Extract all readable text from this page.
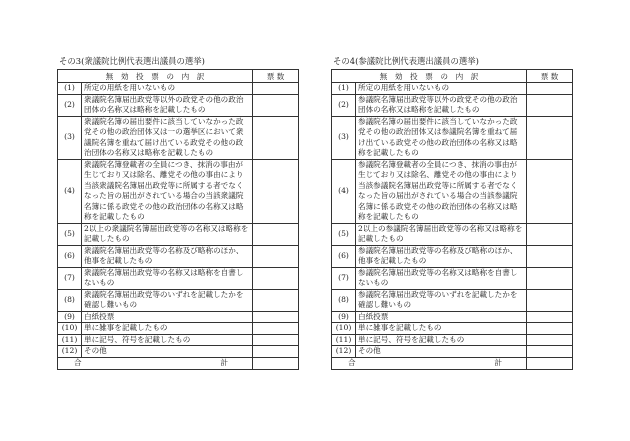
その3(衆議院比例代表選出議員の選挙)
無　効　投　票　の　内　訳		票 数
(1)	所定の用紙を用いないもの	
(2)	衆議院名簿届出政党等以外の政党その他の政治団体の名称又は略称を記載したもの	
(3)	衆議院名簿の届出要件に該当していなかった政党その他の政治団体又は一の選挙区において衆議院名簿を重ねて届け出ている政党その他の政治団体の名称又は略称を記載したもの	
(4)	衆議院名簿登載者の全員につき、抹消の事由が生じており又は除名、離党その他の事由により当該衆議院名簿届出政党等に所属する者でなくなった旨の届出がされている場合の当該衆議院名簿に係る政党その他の政治団体の名称又は略称を記載したもの	
(5)	2以上の衆議院名簿届出政党等の名称又は略称を記載したもの	
(6)	衆議院名簿届出政党等の名称及び略称のほか、他事を記載したもの	
(7)	衆議院名簿届出政党等の名称又は略称を自書しないもの	
(8)	衆議院名簿届出政党等のいずれを記載したかを確認し難いもの	
(9)	白紙投票	
(10)	単に雑事を記載したもの	
(11)	単に記号、符号を記載したもの	
(12)	その他	

合 計		

その4(参議院比例代表選出議員の選挙)
無　効　投　票　の　内　訳		票 数
(1)	所定の用紙を用いないもの	
(2)	参議院名簿届出政党等以外の政党その他の政治団体の名称又は略称を記載したもの	
(3)	参議院名簿の届出要件に該当していなかった政党その他の政治団体又は参議院名簿を重ねて届け出ている政党その他の政治団体の名称又は略称を記載したもの	
(4)	参議院名簿登載者の全員につき、抹消の事由が生じており又は除名、離党その他の事由により当該参議院名簿届出政党等に所属する者でなくなった旨の届出がされている場合の当該参議院名簿に係る政党その他の政治団体の名称又は略称を記載したもの	
(5)	2以上の参議院名簿届出政党等の名称又は略称を記載したもの	
(6)	参議院名簿届出政党等の名称及び略称のほか、他事を記載したもの	
(7)	参議院名簿届出政党等の名称又は略称を自書しないもの	
(8)	参議院名簿届出政党等のいずれを記載したかを確認し難いもの	
(9)	白紙投票	
(10)	単に雑事を記載したもの	
(11)	単に記号、符号を記載したもの	
(12)	その他	

合 計		
